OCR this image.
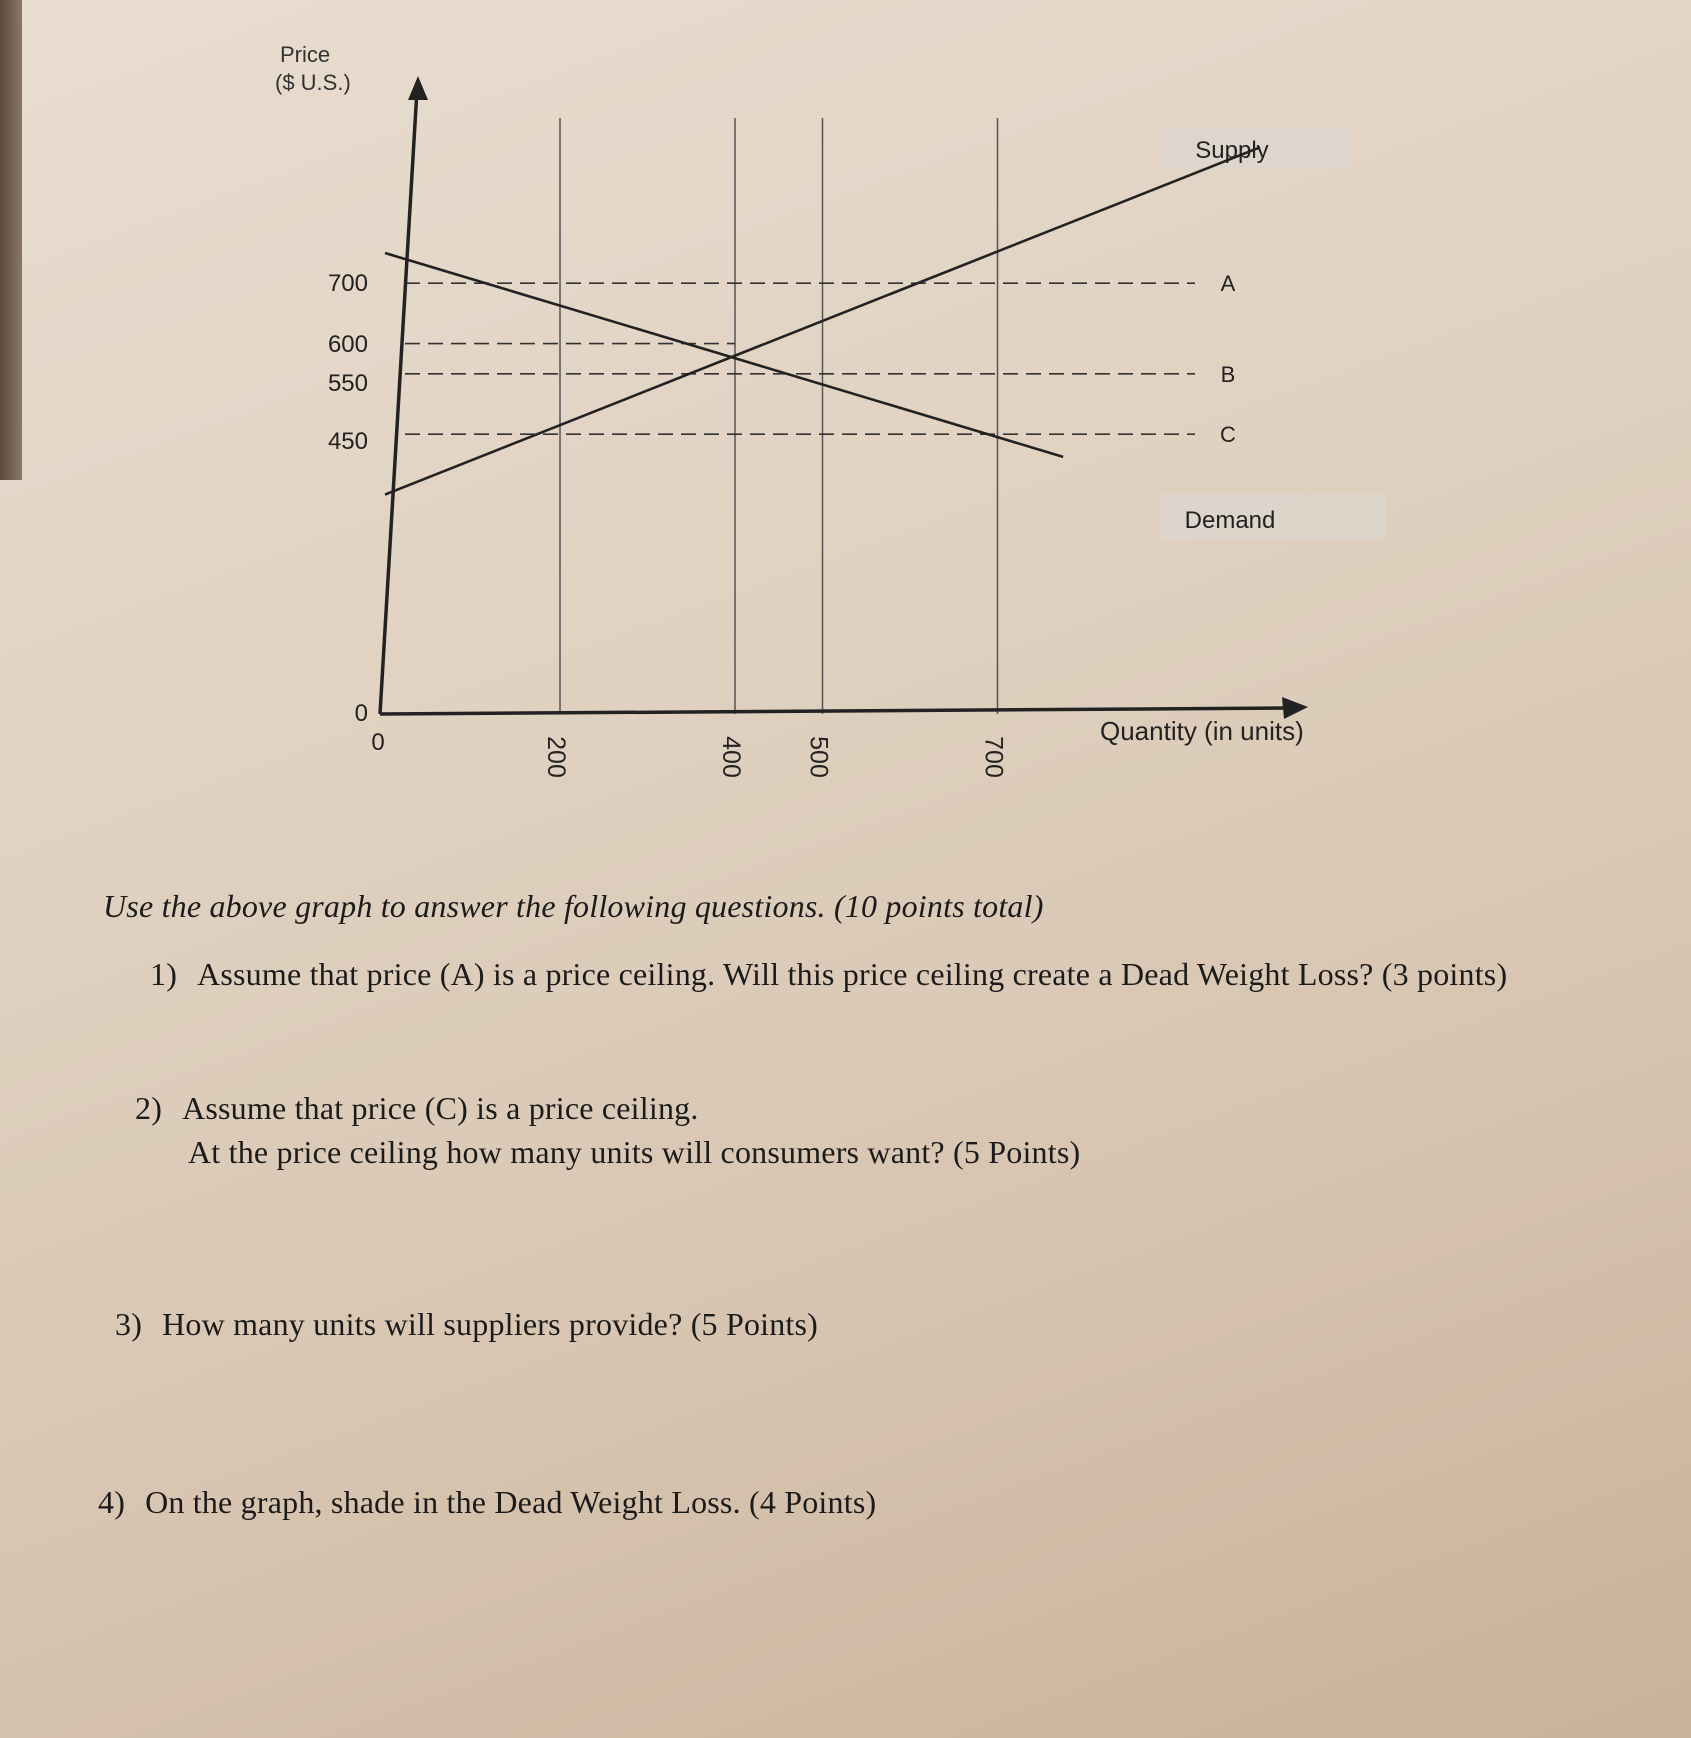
Price
($ U.S.)
Quantity (in units)
700
600
550
450
0
0	200	400 500	700
A
B
C
Supply
Demand
Use the above graph to answer the following questions. (10 points total)
1) Assume that price (A) is a price ceiling. Will this price ceiling create a Dead Weight Loss? (3 points)
2) Assume that price (C) is a price ceiling.
At the price ceiling how many units will consumers want? (5 Points)
3) How many units will suppliers provide? (5 Points)
4) On the graph, shade in the Dead Weight Loss. (4 Points)
